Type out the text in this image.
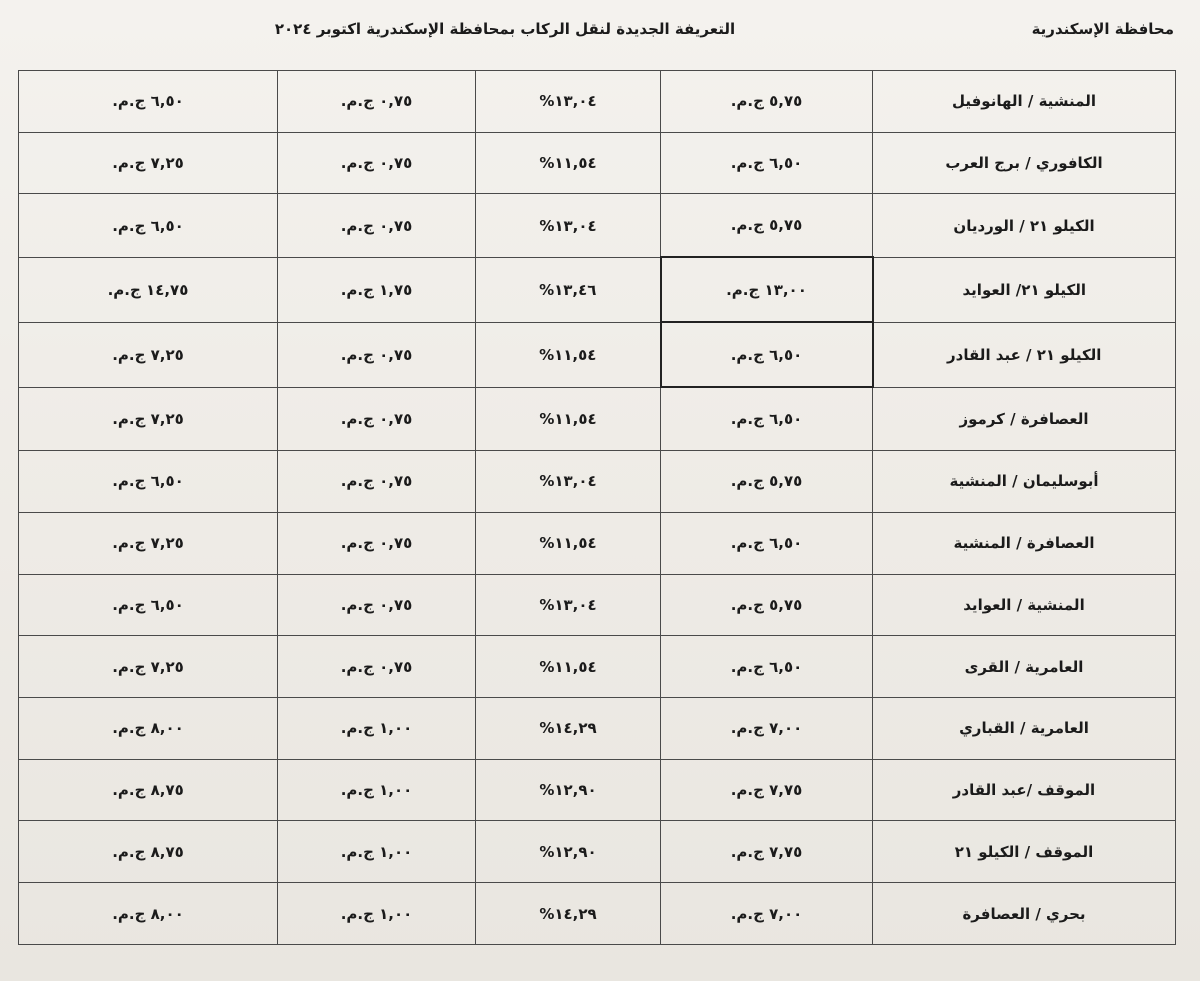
محافظة الإسكندرية
التعريفة الجديدة لنقل الركاب بمحافظة الإسكندرية اكتوبر ٢٠٢٤
٦,٥٠ ج.م.	٠,٧٥ ج.م.	%١٣,٠٤	٥,٧٥ ج.م.	المنشية / الهانوفيل
٧,٢٥ ج.م.	٠,٧٥ ج.م.	%١١,٥٤	٦,٥٠ ج.م.	الكافوري / برج العرب
٦,٥٠ ج.م.	٠,٧٥ ج.م.	%١٣,٠٤	٥,٧٥ ج.م.	الكيلو ٢١ / الورديان
١٤,٧٥ ج.م.	١,٧٥ ج.م.	%١٣,٤٦	١٣,٠٠ ج.م.	الكيلو ٢١/ العوايد
٧,٢٥ ج.م.	٠,٧٥ ج.م.	%١١,٥٤	٦,٥٠ ج.م.	الكيلو ٢١ / عبد القادر
٧,٢٥ ج.م.	٠,٧٥ ج.م.	%١١,٥٤	٦,٥٠ ج.م.	العصافرة / كرموز
٦,٥٠ ج.م.	٠,٧٥ ج.م.	%١٣,٠٤	٥,٧٥ ج.م.	أبوسليمان / المنشية
٧,٢٥ ج.م.	٠,٧٥ ج.م.	%١١,٥٤	٦,٥٠ ج.م.	العصافرة / المنشية
٦,٥٠ ج.م.	٠,٧٥ ج.م.	%١٣,٠٤	٥,٧٥ ج.م.	المنشية / العوايد
٧,٢٥ ج.م.	٠,٧٥ ج.م.	%١١,٥٤	٦,٥٠ ج.م.	العامرية / القرى
٨,٠٠ ج.م.	١,٠٠ ج.م.	%١٤,٢٩	٧,٠٠ ج.م.	العامرية / القباري
٨,٧٥ ج.م.	١,٠٠ ج.م.	%١٢,٩٠	٧,٧٥ ج.م.	الموقف /عبد القادر
٨,٧٥ ج.م.	١,٠٠ ج.م.	%١٢,٩٠	٧,٧٥ ج.م.	الموقف / الكيلو ٢١
٨,٠٠ ج.م.	١,٠٠ ج.م.	%١٤,٢٩	٧,٠٠ ج.م.	بحري / العصافرة
